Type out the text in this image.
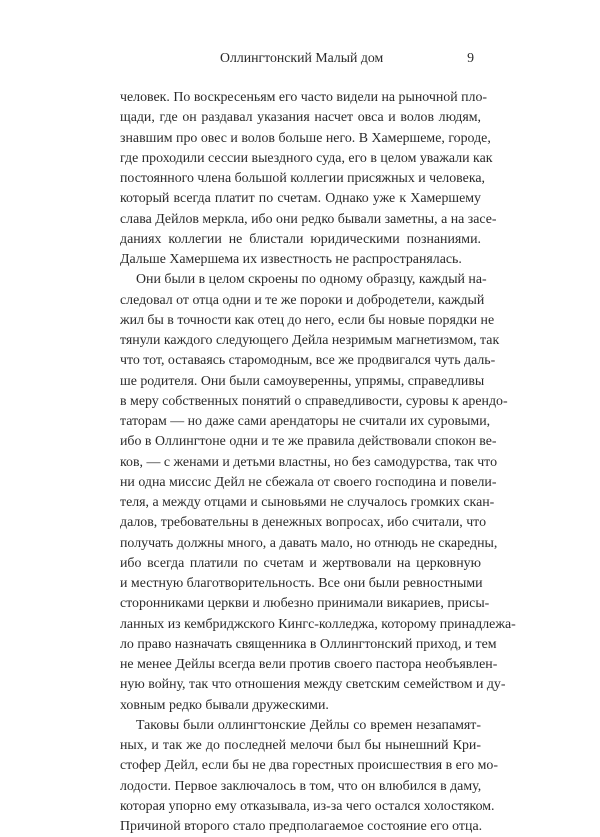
Оллингтонский Малый дом	9
человек. По воскресеньям его часто видели на рыночной пло-
щади, где он раздавал указания насчет овса и волов людям,
знавшим про овес и волов больше него. В Хамершеме, городе,
где проходили сессии выездного суда, его в целом уважали как
постоянного члена большой коллегии присяжных и человека,
который всегда платит по счетам. Однако уже к Хамершему
слава Дейлов меркла, ибо они редко бывали заметны, а на засе-
даниях коллегии не блистали юридическими познаниями.
Дальше Хамершема их известность не распространялась.
Они были в целом скроены по одному образцу, каждый на-
следовал от отца одни и те же пороки и добродетели, каждый
жил бы в точности как отец до него, если бы новые порядки не
тянули каждого следующего Дейла незримым магнетизмом, так
что тот, оставаясь старомодным, все же продвигался чуть даль-
ше родителя. Они были самоуверенны, упрямы, справедливы
в меру собственных понятий о справедливости, суровы к арендо-
таторам — но даже сами арендаторы не считали их суровыми,
ибо в Оллингтоне одни и те же правила действовали спокон ве-
ков, — с женами и детьми властны, но без самодурства, так что
ни одна миссис Дейл не сбежала от своего господина и повели-
теля, а между отцами и сыновьями не случалось громких скан-
далов, требовательны в денежных вопросах, ибо считали, что
получать должны много, а давать мало, но отнюдь не скаредны,
ибо всегда платили по счетам и жертвовали на церковную
и местную благотворительность. Все они были ревностными
сторонниками церкви и любезно принимали викариев, присы-
ланных из кембриджского Кингс-колледжа, которому принадлежа-
ло право назначать священника в Оллингтонский приход, и тем
не менее Дейлы всегда вели против своего пастора необъявлен-
ную войну, так что отношения между светским семейством и ду-
ховным редко бывали дружескими.
Таковы были оллингтонские Дейлы со времен незапамят-
ных, и так же до последней мелочи был бы нынешний Кри-
стофер Дейл, если бы не два горестных происшествия в его мо-
лодости. Первое заключалось в том, что он влюбился в даму,
которая упорно ему отказывала, из-за чего остался холостяком.
Причиной второго стало предполагаемое состояние его отца.
